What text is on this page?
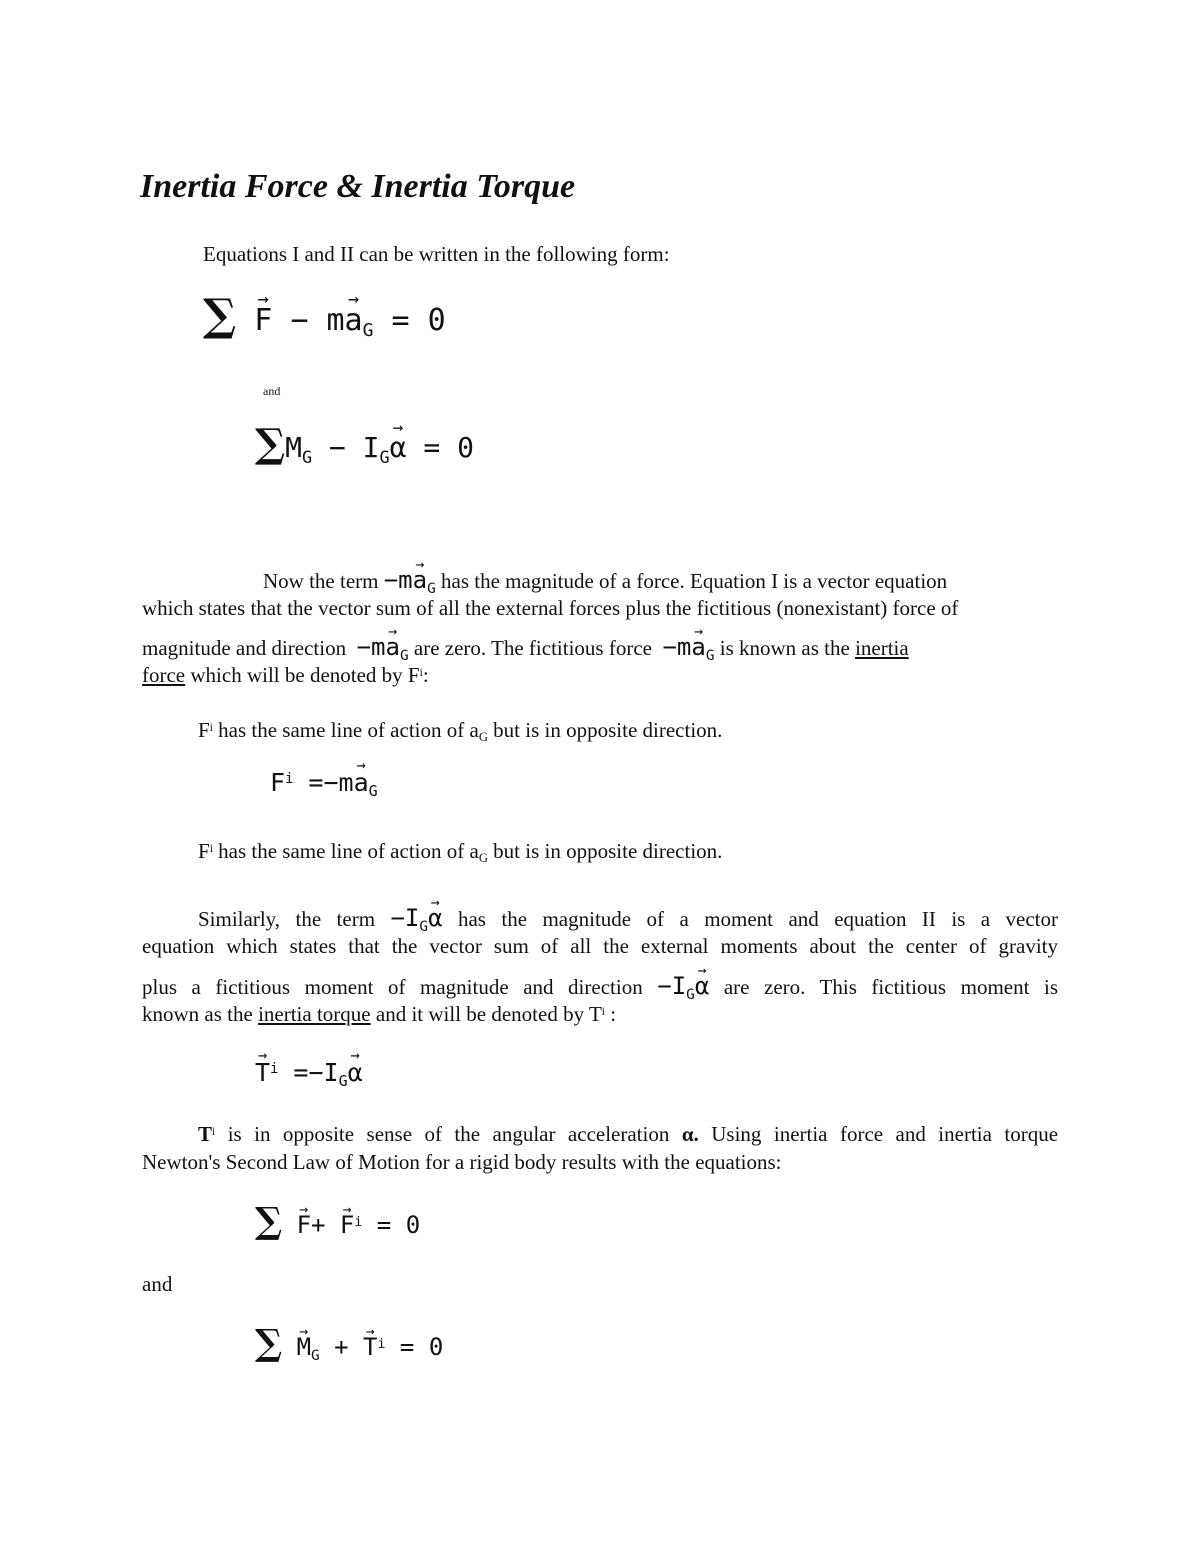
Inertia Force & Inertia Torque
Equations I and II can be written in the following form:
∑ → $F - m\to a_G = 0$
and
$\sum M_G - I_G\to \alpha = 0$
Now the term $-m\to a_G$ has the magnitude of a force. Equation I is a vector equation
which states that the vector sum of all the external forces plus the fictitious (nonexistant) force of
magnitude and direction $-m\to a_G$ are zero. The fictitious force $-m\to a_G$ is known as the inertia
force which will be denoted by $F^i$:
$F^i$ has the same line of action of $a_G$ but is in opposite direction.
$F^i =-m\to a_G$
$F^i$ has the same line of action of $a_G$ but is in opposite direction.
Similarly, the term $-I_G\to \alpha$ has the magnitude of a moment and equation II is a vector
equation which states that the vector sum of all the external moments about the center of gravity
plus a fictitious moment of magnitude and direction $-I_G\to \alpha$ are zero. This fictitious moment is
known as the inertia torque and it will be denoted by $T^i$ :
→ $T^i =-I_G\to \alpha$
$T^i$ is in opposite sense of the angular acceleration α. Using inertia force and inertia torque
Newton's Second Law of Motion for a rigid body results with the equations:
∑ → $F+ \to F^i = 0$
and
∑ → $M_G$ + → $T^i = 0$
